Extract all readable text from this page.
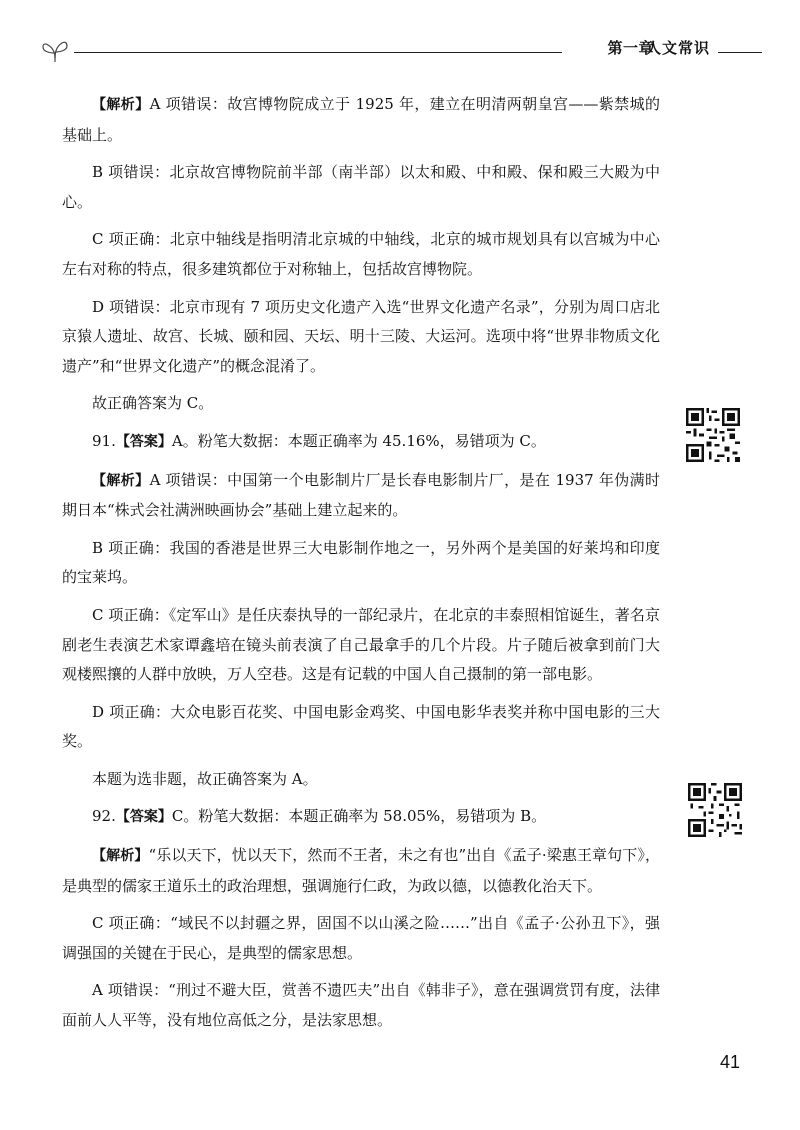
第一章
人文常识

【解析】A 项错误：故宫博物院成立于 1925 年，建立在明清两朝皇宫——紫禁城的基础上。

B 项错误：北京故宫博物院前半部（南半部）以太和殿、中和殿、保和殿三大殿为中心。

C 项正确：北京中轴线是指明清北京城的中轴线，北京的城市规划具有以宫城为中心左右对称的特点，很多建筑都位于对称轴上，包括故宫博物院。

D 项错误：北京市现有 7 项历史文化遗产入选“世界文化遗产名录”，分别为周口店北京猿人遗址、故宫、长城、颐和园、天坛、明十三陵、大运河。选项中将“世界非物质文化遗产”和“世界文化遗产”的概念混淆了。

故正确答案为 C。

91.【答案】A。粉笔大数据：本题正确率为 45.16%，易错项为 C。

【解析】A 项错误：中国第一个电影制片厂是长春电影制片厂，是在 1937 年伪满时期日本“株式会社满洲映画协会”基础上建立起来的。

B 项正确：我国的香港是世界三大电影制作地之一，另外两个是美国的好莱坞和印度的宝莱坞。

C 项正确：《定军山》是任庆泰执导的一部纪录片，在北京的丰泰照相馆诞生，著名京剧老生表演艺术家谭鑫培在镜头前表演了自己最拿手的几个片段。片子随后被拿到前门大观楼熙攘的人群中放映，万人空巷。这是有记载的中国人自己摄制的第一部电影。

D 项正确：大众电影百花奖、中国电影金鸡奖、中国电影华表奖并称中国电影的三大奖。

本题为选非题，故正确答案为 A。

92.【答案】C。粉笔大数据：本题正确率为 58.05%，易错项为 B。

【解析】“乐以天下，忧以天下，然而不王者，未之有也”出自《孟子·梁惠王章句下》，是典型的儒家王道乐土的政治理想，强调施行仁政，为政以德，以德教化治天下。

C 项正确：“域民不以封疆之界，固国不以山溪之险……”出自《孟子·公孙丑下》，强调强国的关键在于民心，是典型的儒家思想。

A 项错误：“刑过不避大臣，赏善不遗匹夫”出自《韩非子》，意在强调赏罚有度，法律面前人人平等，没有地位高低之分，是法家思想。

41
